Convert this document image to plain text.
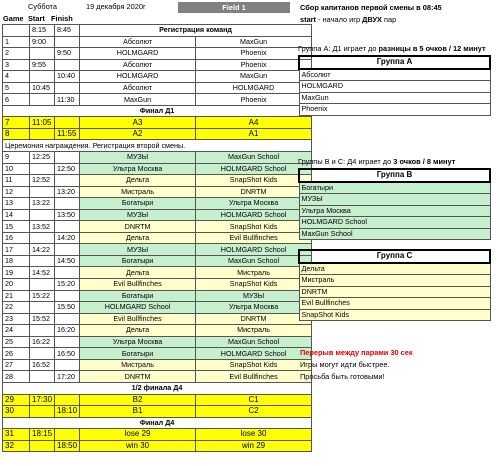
Суббота	19 декабря 2020г	Field 1
Game Start Finish
	8:15	8:45	Регистрация команд	
1	9:00		Абсолют	MaxGun
2		9:50	HOLMGARD	Phoenix
3	9:55		Абсолют	Phoenix
4		10:40	HOLMGARD	MaxGun
5	10:45		Абсолют	HOLMGARD
6		11:30	MaxGun	Phoenix
Финал Д1				
7	11:05		A3	A4
8		11:55	A2	A1
Церемония награждения. Регистрация второй смены.				
9	12:25		МУЗЫ	MaxGun School
10		12:50	Ультра Москва	HOLMGARD School
11	12:52		Дельта	SnapShot Kids
12		13:20	Мистраль	DNRTM
13	13:22		Богатыри	Ультра Москва
14		13:50	МУЗЫ	HOLMGARD School
15	13:52		DNRTM	SnapShot Kids
16		14:20	Дельта	Evil Bullfinches
17	14:22		МУЗЫ	HOLMGARD School
18		14:50	Богатыри	MaxGun School
19	14:52		Дельта	Мистраль
20		15:20	Evil Bullfinches	SnapShot Kids
21	15:22		Богатыри	МУЗЫ
22		15:50	HOLMGARD School	Ультра Москва
23	15:52		Evil Bullfinches	DNRTM
24		16:20	Дельта	Мистраль
25	16:22		Ультра Москва	MaxGun School
26		16:50	Богатыри	HOLMGARD School
27	16:52		Мистраль	SnapShot Kids
28		17:20	DNRTM	Evil Bullfinches
1/2 финала Д4				
29	17:30		B2	C1
30		18:10	B1	C2
Финал Д4				
31	18:15		lose 29	lose 30
32		18:50	win 30	win 29
Сбор капитанов первой смены в 08:45
start - начало игр ДВУХ пар
Группа А: Д1 играет до разницы в 5 очков / 12 минут
Группа A
Абсолют
HOLMGARD
MaxGun
Phoenix
Группы В и С: Д4 играет до 3 очков / 8 минут
Группа B
Богатыри
МУЗЫ
Ультра Москва
HOLMGARD School
MaxGun School
Группа C
Дельта
Мистраль
DNRTM
Evil Bullfinches
SnapShot Kids
Перерыв между парами 30 сек
Игры могут идти быстрее.
Просьба быть готовыми!
